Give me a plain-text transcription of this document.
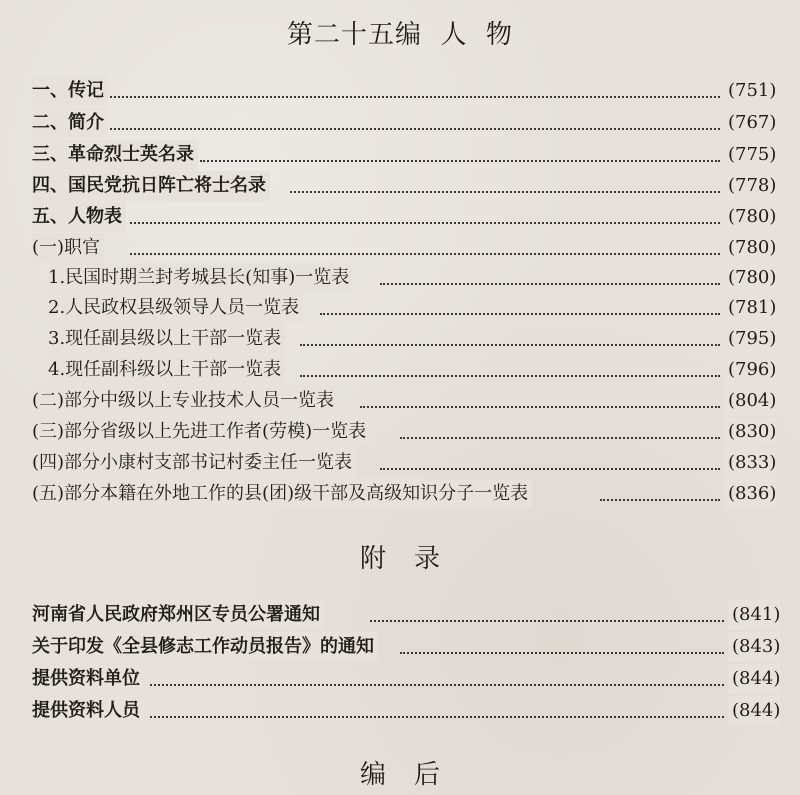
第二十五编  人  物
一、传记	(751)
二、简介	(767)
三、革命烈士英名录	(775)
四、国民党抗日阵亡将士名录	(778)
五、人物表	(780)
(一)职官	(780)
1.民国时期兰封考城县长(知事)一览表	(780)
2.人民政权县级领导人员一览表	(781)
3.现任副县级以上干部一览表	(795)
4.现任副科级以上干部一览表	(796)
(二)部分中级以上专业技术人员一览表	(804)
(三)部分省级以上先进工作者(劳模)一览表	(830)
(四)部分小康村支部书记村委主任一览表	(833)
(五)部分本籍在外地工作的县(团)级干部及高级知识分子一览表	(836)
附录
河南省人民政府郑州区专员公署通知	(841)
关于印发《全县修志工作动员报告》的通知	(843)
提供资料单位	(844)
提供资料人员	(844)
编后
